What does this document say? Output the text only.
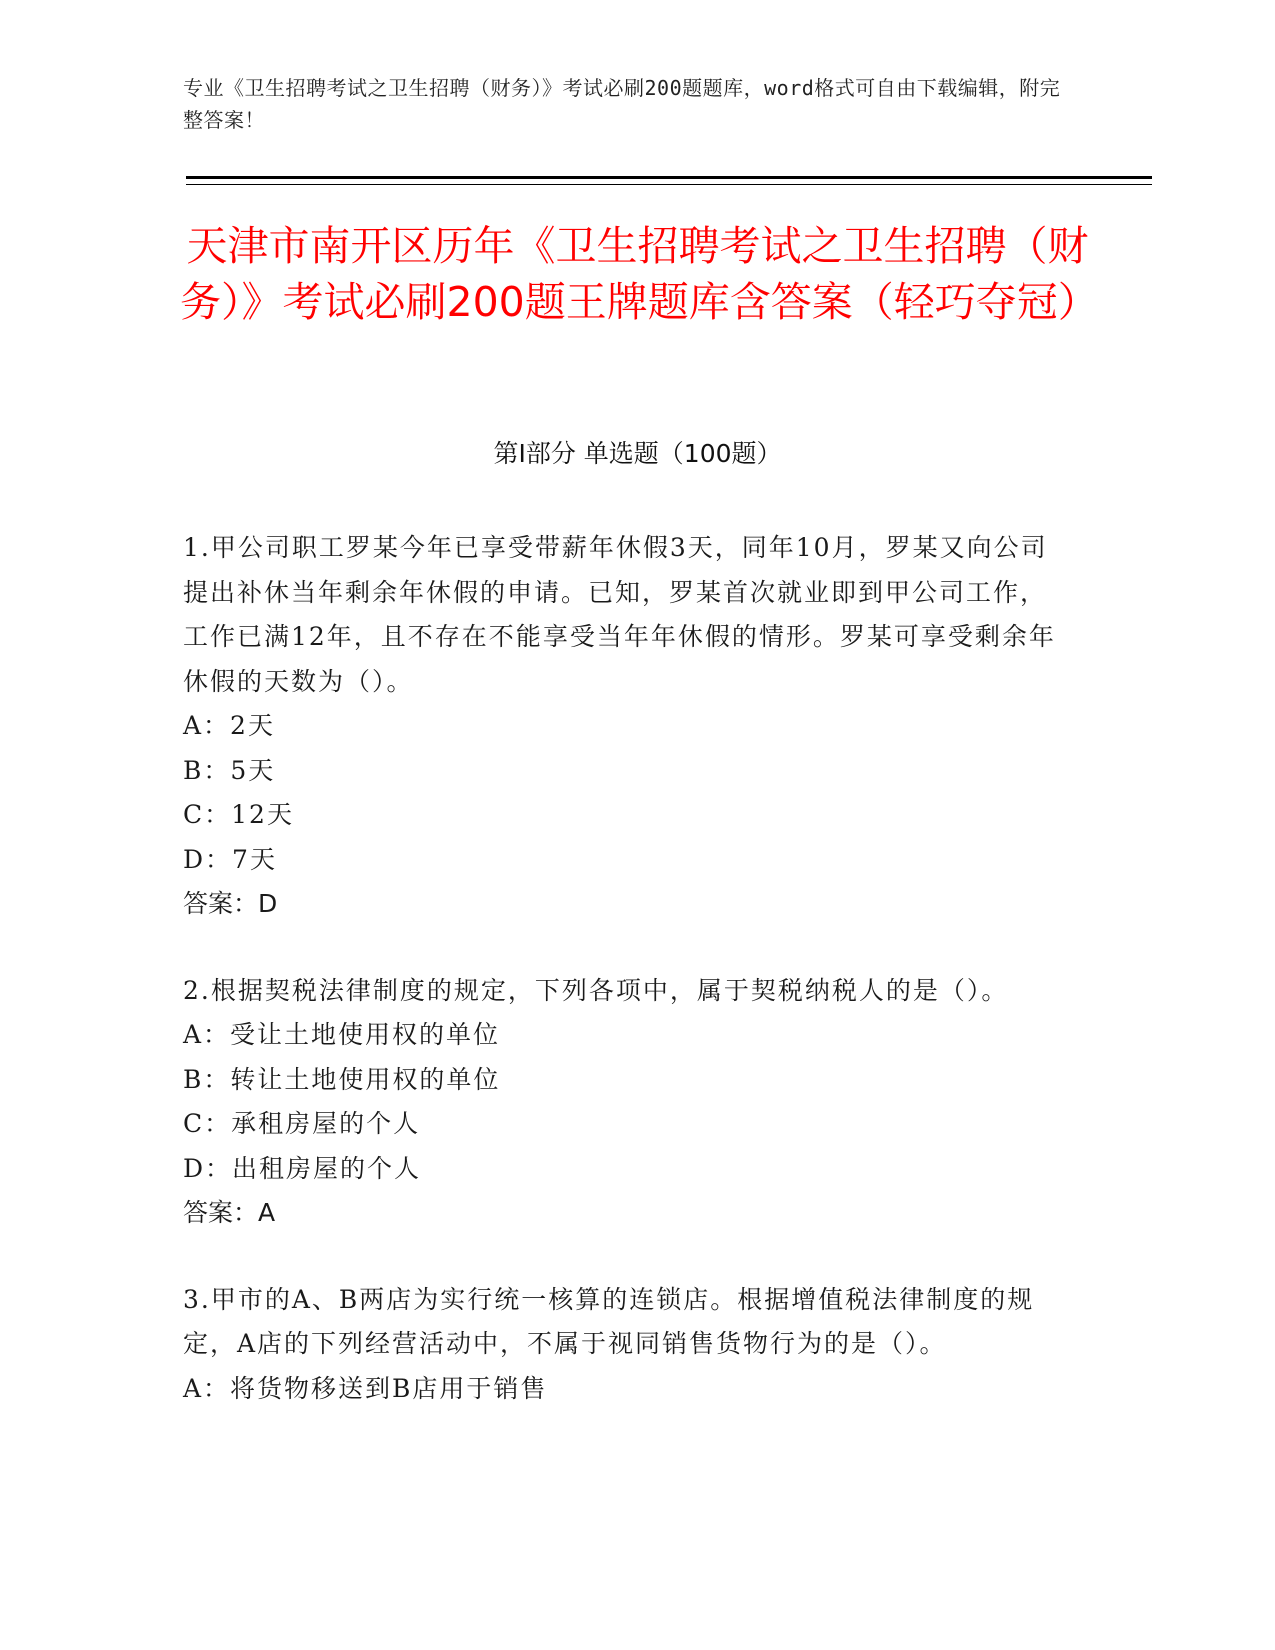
专业《卫生招聘考试之卫生招聘（财务）》考试必刷200题题库，word格式可自由下载编辑，附完整答案！
天津市南开区历年《卫生招聘考试之卫生招聘（财务）》考试必刷200题王牌题库含答案（轻巧夺冠）
第Ⅰ部分 单选题（100题）

1.甲公司职工罗某今年已享受带薪年休假3天，同年10月，罗某又向公司提出补休当年剩余年休假的申请。已知，罗某首次就业即到甲公司工作，工作已满12年，且不存在不能享受当年年休假的情形。罗某可享受剩余年休假的天数为（）。

A：2天

B：5天

C：12天

D：7天

答案：D

2.根据契税法律制度的规定，下列各项中，属于契税纳税人的是（）。

A：受让土地使用权的单位

B：转让土地使用权的单位

C：承租房屋的个人

D：出租房屋的个人

答案：A

3.甲市的A、B两店为实行统一核算的连锁店。根据增值税法律制度的规定，A店的下列经营活动中，不属于视同销售货物行为的是（）。

A：将货物移送到B店用于销售
